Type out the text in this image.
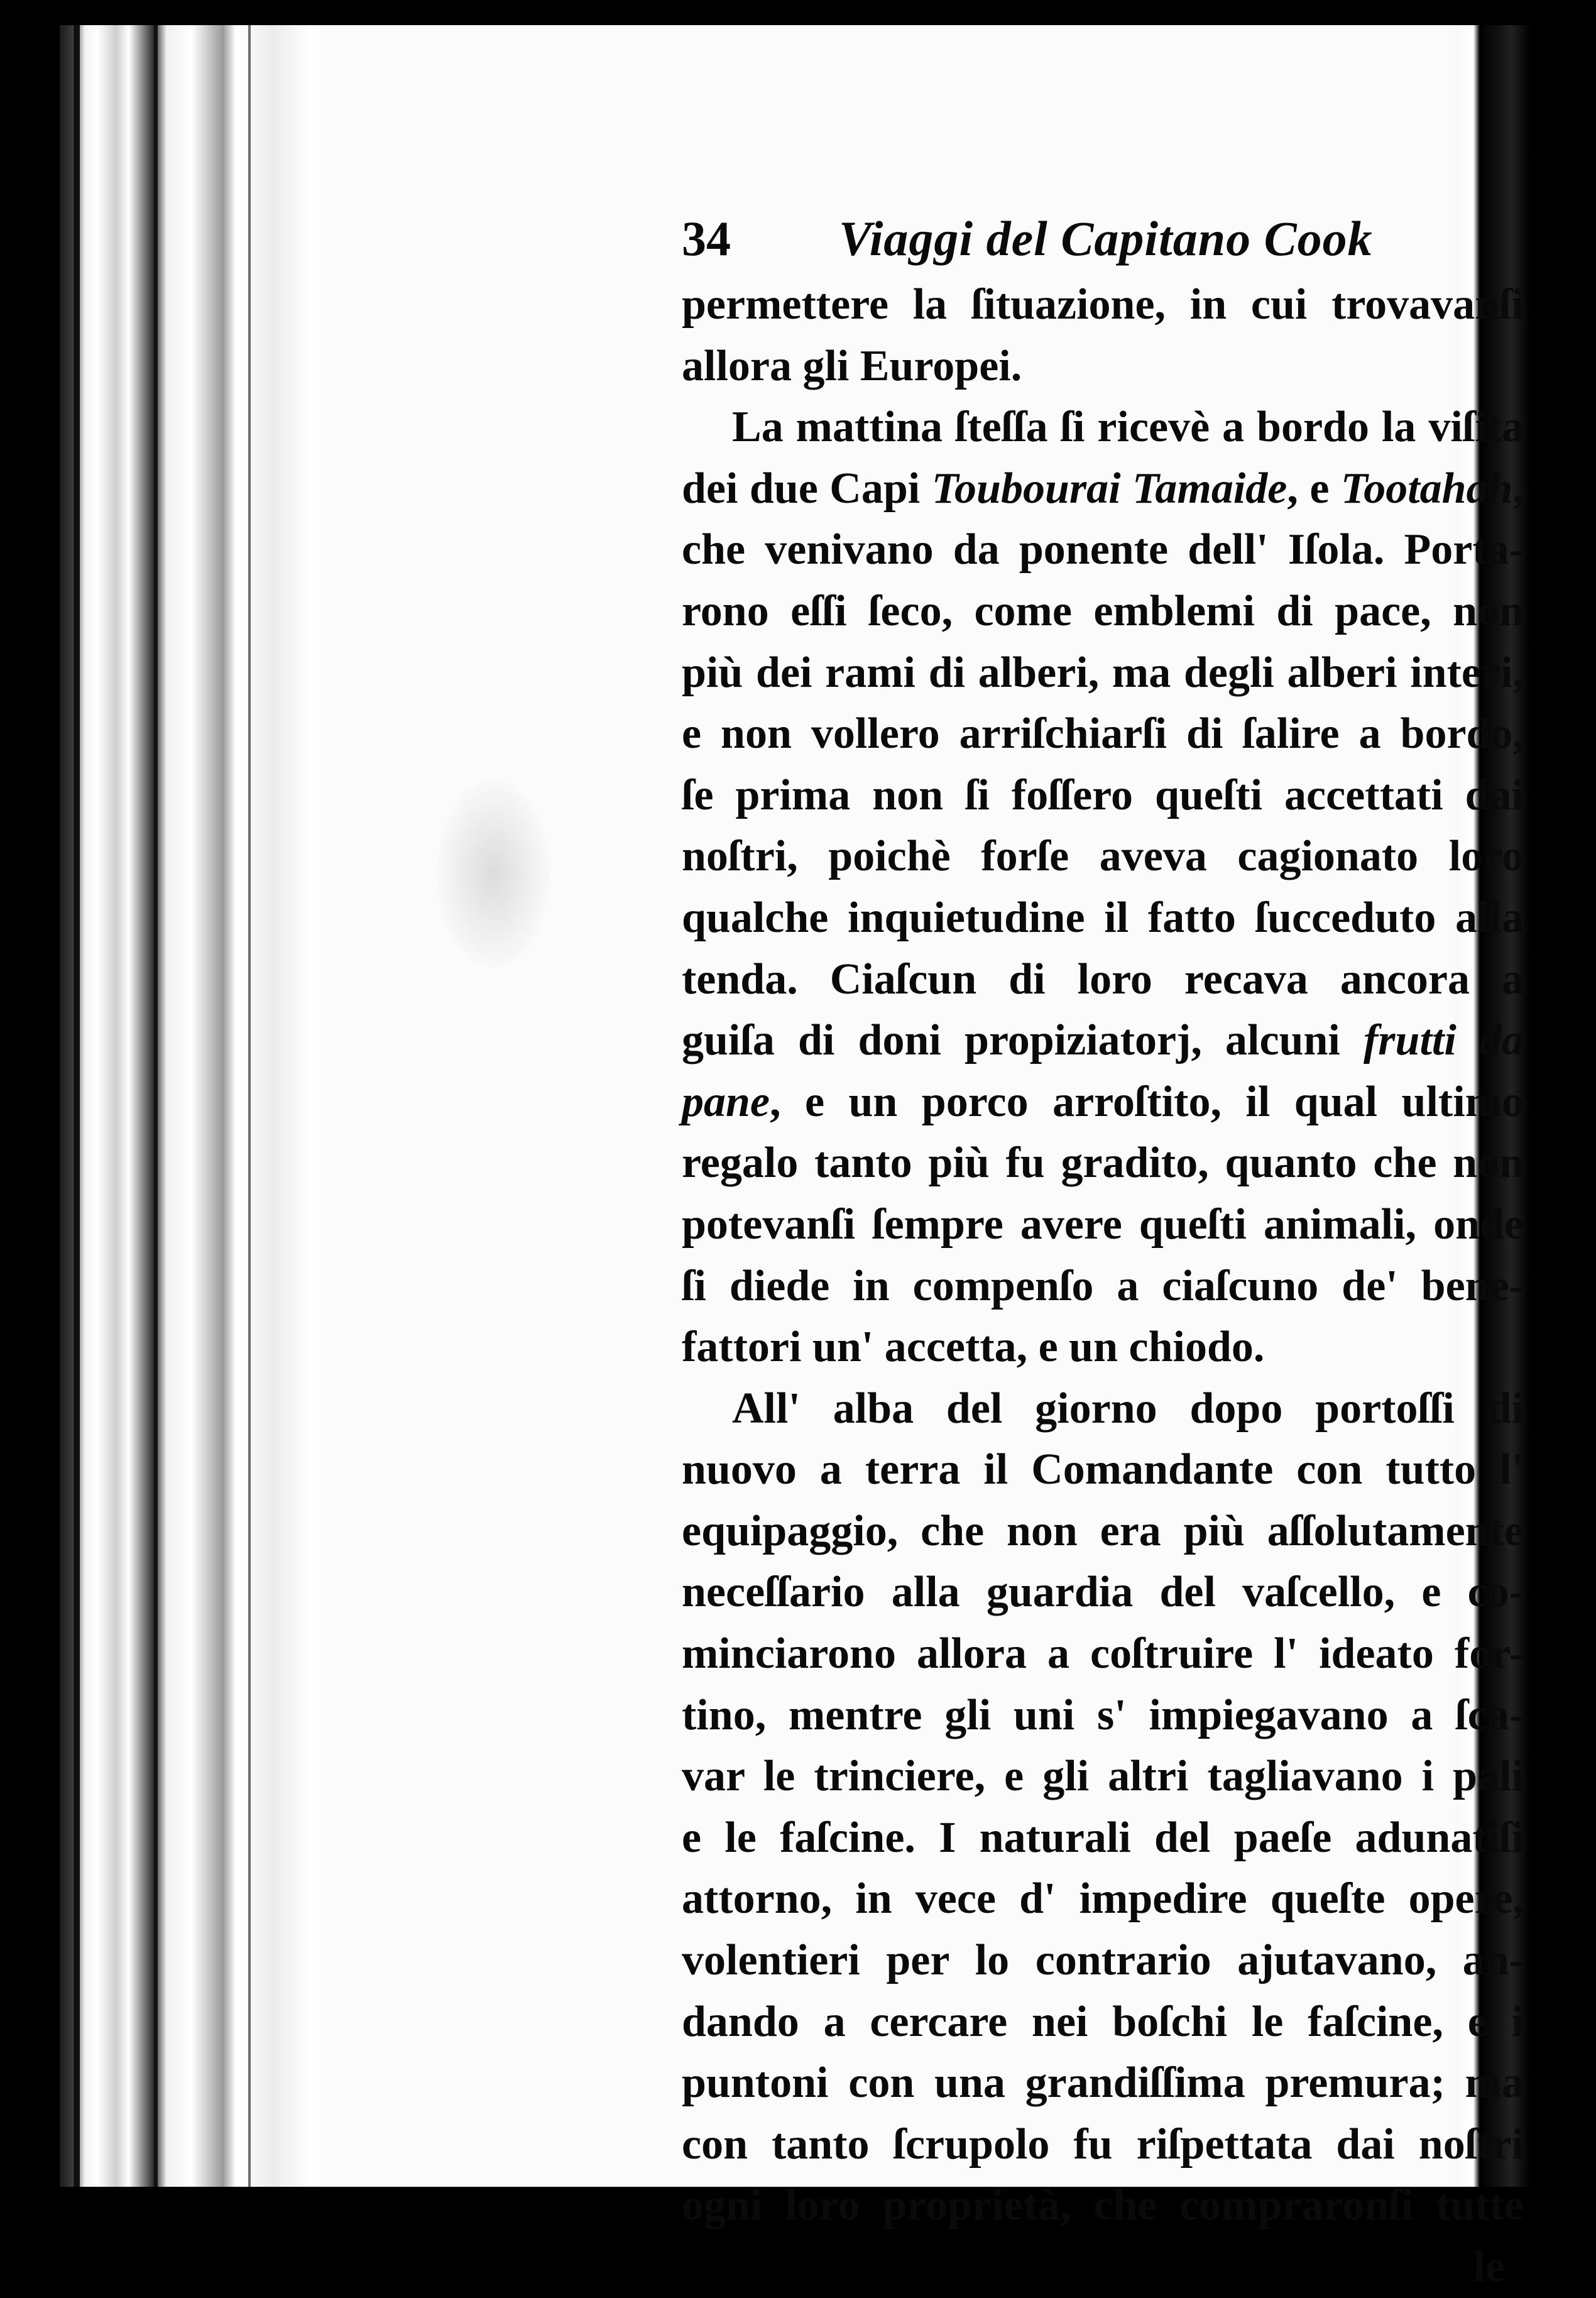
34	Viaggi del Capitano Cook
permettere la ſituazione, in cui trovavanſi
allora gli Europei.
La mattina ſteſſa ſi ricevè a bordo la viſita
dei due Capi Toubourai Tamaide, e Tootahah,
che venivano da ponente dell' Iſola. Porta-
rono eſſi ſeco, come emblemi di pace, non
più dei rami di alberi, ma degli alberi interi,
e non vollero arriſchiarſi di ſalire a bordo,
ſe prima non ſi foſſero queſti accettati dai
noſtri, poichè forſe aveva cagionato loro
qualche inquietudine il fatto ſucceduto alla
tenda. Ciaſcun di loro recava ancora a
guiſa di doni propiziatorj, alcuni frutti da
pane, e un porco arroſtito, il qual ultimo
regalo tanto più fu gradito, quanto che non
potevanſi ſempre avere queſti animali, onde
ſi diede in compenſo a ciaſcuno de' bene-
fattori un' accetta, e un chiodo.
All' alba del giorno dopo portoſſi di
nuovo a terra il Comandante con tutto l'
equipaggio, che non era più aſſolutamente
neceſſario alla guardia del vaſcello, e co-
minciarono allora a coſtruire l' ideato for-
tino, mentre gli uni s' impiegavano a ſca-
var le trinciere, e gli altri tagliavano i pali
e le faſcine. I naturali del paeſe adunatiſi
attorno, in vece d' impedire queſte opere,
volentieri per lo contrario ajutavano, an-
dando a cercare nei boſchi le faſcine, e i
puntoni con una grandiſſima premura; ma
con tanto ſcrupolo fu riſpettata dai noſtri
ogni loro proprietà, che compraronſi tutte
le
